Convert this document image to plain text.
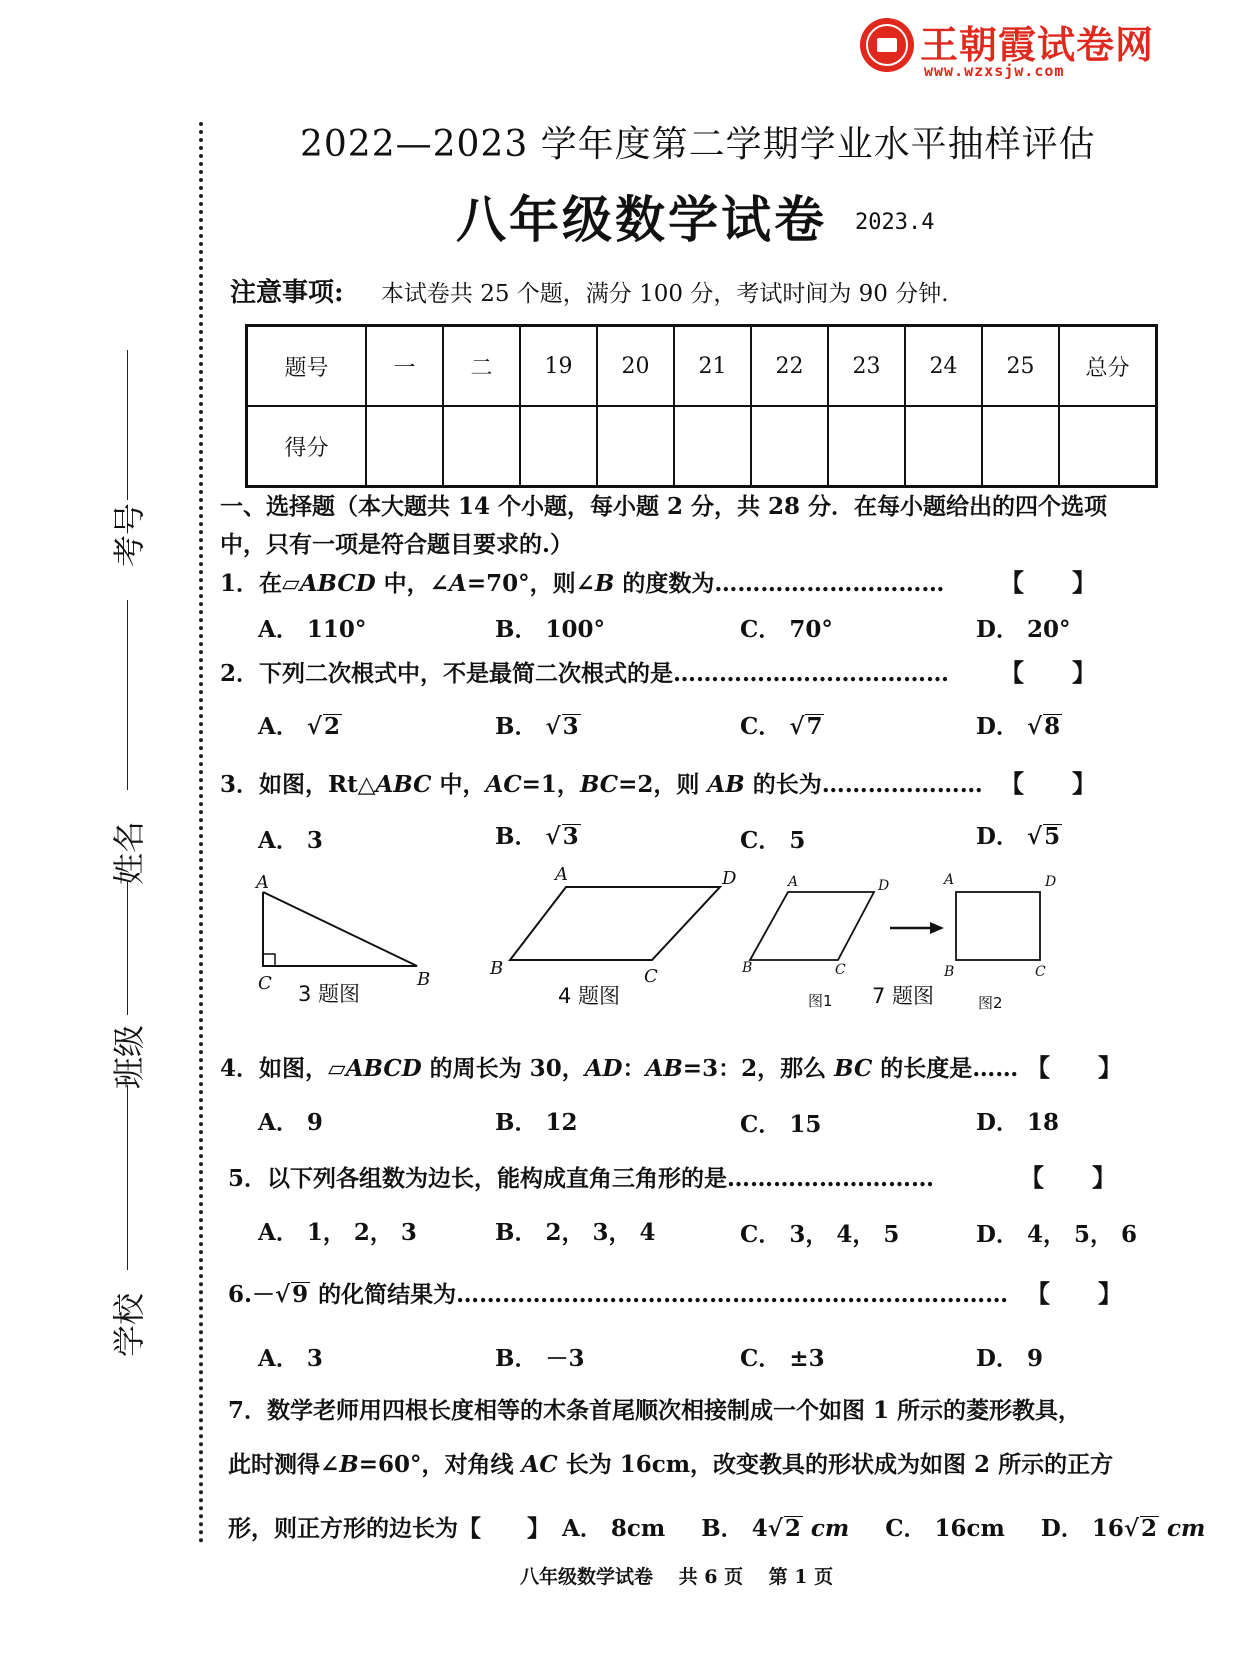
王朝霞试卷网
www.wzxsjw.com
考号
姓名
班级
学校
2022—2023 学年度第二学期学业水平抽样评估
八年级数学试卷 2023.4
注意事项: 本试卷共 25 个题，满分 100 分，考试时间为 90 分钟.
题号	一	二	19	20	21	22	23	24	25	总分
得分										
一、选择题（本大题共 14 个小题，每小题 2 分，共 28 分．在每小题给出的四个选项
中，只有一项是符合题目要求的.）
1．在▱ABCD 中，∠A=70°，则∠B 的度数为………………………… 【　　】
A． 110°	B． 100°	C． 70°	D． 20°
2．下列二次根式中，不是最简二次根式的是……………………………… 【　　】
A． √2	B． √3	C． √7	D． √8
3．如图，Rt△ABC 中，AC=1，BC=2，则 AB 的长为………………… 【　　】
A． 3	B． √3	C． 5	D． √5
A
C	B
3 题图
A	D
B	C
4 题图
A	D
B	C
A	D
B	C
图1 7 题图	图2
4．如图，▱ABCD 的周长为 30，AD：AB=3：2，那么 BC 的长度是…… 【　　】
A． 9	B． 12	C． 15	D． 18
5．以下列各组数为边长，能构成直角三角形的是………………………	【　　】
A． 1， 2， 3	B． 2， 3， 4	C． 3， 4， 5	D． 4， 5， 6
6.－√9 的化简结果为……………………………………………………………… 【　　】
A． 3	B． －3	C． ±3	D． 9
7．数学老师用四根长度相等的木条首尾顺次相接制成一个如图 1 所示的菱形教具，
此时测得∠B=60°，对角线 AC 长为 16cm，改变教具的形状成为如图 2 所示的正方
形，则正方形的边长为【　　】 A． 8cm B． 4√2 cm C． 16cm D． 16√2 cm
八年级数学试卷　 共 6 页　 第 1 页
